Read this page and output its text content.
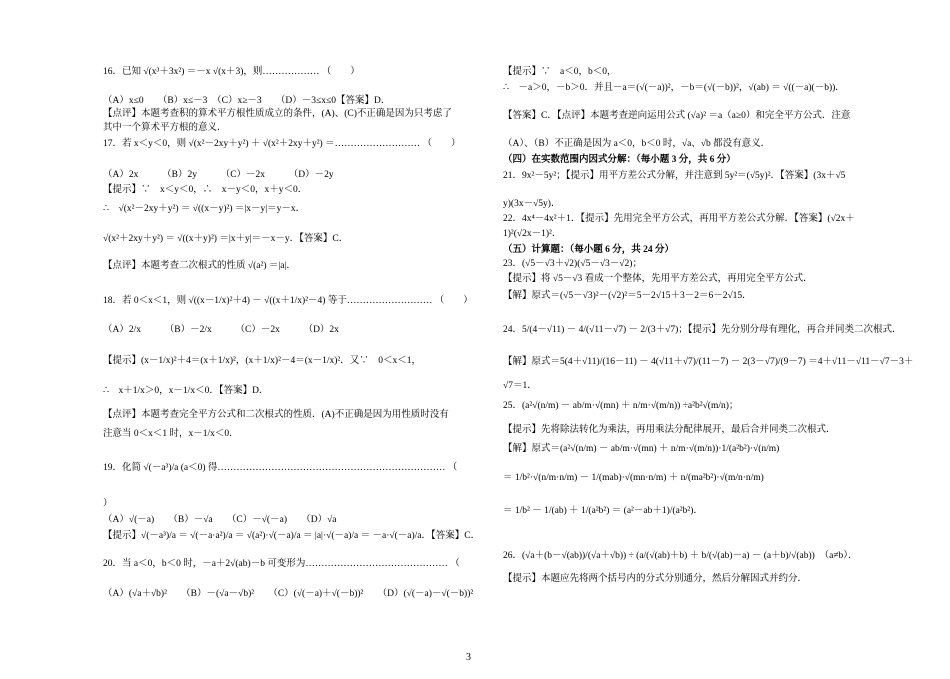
16．已知 √(x³＋3x²) ＝－x √(x＋3)，则……………… （　　）
（A）x≤0　　（B）x≤－3　（C）x≥－3　　（D）－3≤x≤0【答案】D．
【点评】本题考查积的算术平方根性质成立的条件，(A)、(C)不正确是因为只考虑了
其中一个算术平方根的意义．
17．若 x＜y＜0，则 √(x²－2xy＋y²) ＋ √(x²＋2xy＋y²) ＝……………………… （　　）
（A）2x　　　（B）2y　　　（C）－2x　　　（D）－2y
【提示】∵　x＜y＜0，∴　x－y＜0，x＋y＜0．
∴　√(x²－2xy＋y²) ＝ √((x－y)²) ＝|x－y|＝y－x．
√(x²＋2xy＋y²) ＝ √((x＋y)²) ＝|x＋y|＝－x－y．【答案】C．
【点评】本题考查二次根式的性质 √(a²) ＝|a|．
18．若 0＜x＜1，则 √((x－1/x)²＋4) － √((x＋1/x)²－4) 等于……………………… （　　）
（A）2/x　　　（B）－2/x　　　（C）－2x　　　（D）2x
【提示】(x－1/x)²＋4＝(x＋1/x)²，(x＋1/x)²－4＝(x－1/x)²．又∵　0＜x＜1，
∴　x＋1/x＞0，x－1/x＜0．【答案】D．
【点评】本题考查完全平方公式和二次根式的性质．(A)不正确是因为用性质时没有
注意当 0＜x＜1 时，x－1/x＜0．
19．化简 √(－a³)/a (a＜0) 得……………………………………………………………… （
）
（A）√(－a)　　（B）－√a　　（C）－√(－a)　　（D）√a
【提示】√(－a³)/a ＝ √(－a·a²)/a ＝ √(a²)·√(－a)/a ＝ |a|·√(－a)/a ＝ －a·√(－a)/a．【答案】C．
20．当 a＜0，b＜0 时，－a＋2√(ab)－b 可变形为……………………………………… （
（A）(√a＋√b)²　　（B）－(√a－√b)²　　（C）(√(－a)＋√(－b))²　　（D）(√(－a)－√(－b))²
【提示】∵　a＜0，b＜0，
∴　－a＞0，－b＞0．并且－a＝(√(－a))²，－b＝(√(－b))²，√(ab) ＝ √((－a)(－b))．
【答案】C．【点评】本题考查逆向运用公式 (√a)² ＝a（a≥0）和完全平方公式．注意
（A）、（B）不正确是因为 a＜0，b＜0 时，√a、√b 都没有意义．
（四）在实数范围内因式分解：（每小题 3 分，共 6 分）
21．9x²－5y²；【提示】用平方差公式分解，并注意到 5y²＝(√5y)²．【答案】(3x＋√5
y)(3x－√5y)．
22．4x⁴－4x²＋1．【提示】先用完全平方公式，再用平方差公式分解．【答案】(√2x＋
1)²(√2x－1)²．
（五）计算题：（每小题 6 分，共 24 分）
23．(√5－√3＋√2)(√5－√3－√2)；
【提示】将 √5－√3 看成一个整体，先用平方差公式，再用完全平方公式．
【解】原式＝(√5－√3)²－(√2)²＝5－2√15＋3－2＝6－2√15．
24．5/(4－√11) － 4/(√11－√7) － 2/(3＋√7)；【提示】先分别分母有理化，再合并同类二次根式．
【解】原式＝5(4＋√11)/(16－11) － 4(√11＋√7)/(11－7) － 2(3－√7)/(9－7) ＝4＋√11－√11－√7－3＋
√7＝1．
25．(a²√(n/m) － ab/m·√(mn) ＋ n/m·√(m/n)) ÷a²b²√(m/n)；
【提示】先将除法转化为乘法，再用乘法分配律展开，最后合并同类二次根式．
【解】原式＝(a²√(n/m) － ab/m·√(mn) ＋ n/m·√(m/n))·1/(a²b²)·√(n/m)
＝ 1/b²·√(n/m·n/m) － 1/(mab)·√(mn·n/m) ＋ n/(ma²b²)·√(m/n·n/m)
＝ 1/b² － 1/(ab) ＋ 1/(a²b²) ＝ (a²－ab＋1)/(a²b²)．
26．(√a＋(b－√(ab))/(√a＋√b)) ÷ (a/(√(ab)＋b) ＋ b/(√(ab)－a) － (a＋b)/√(ab))　（a≠b）．
【提示】本题应先将两个括号内的分式分别通分，然后分解因式并约分．
3
